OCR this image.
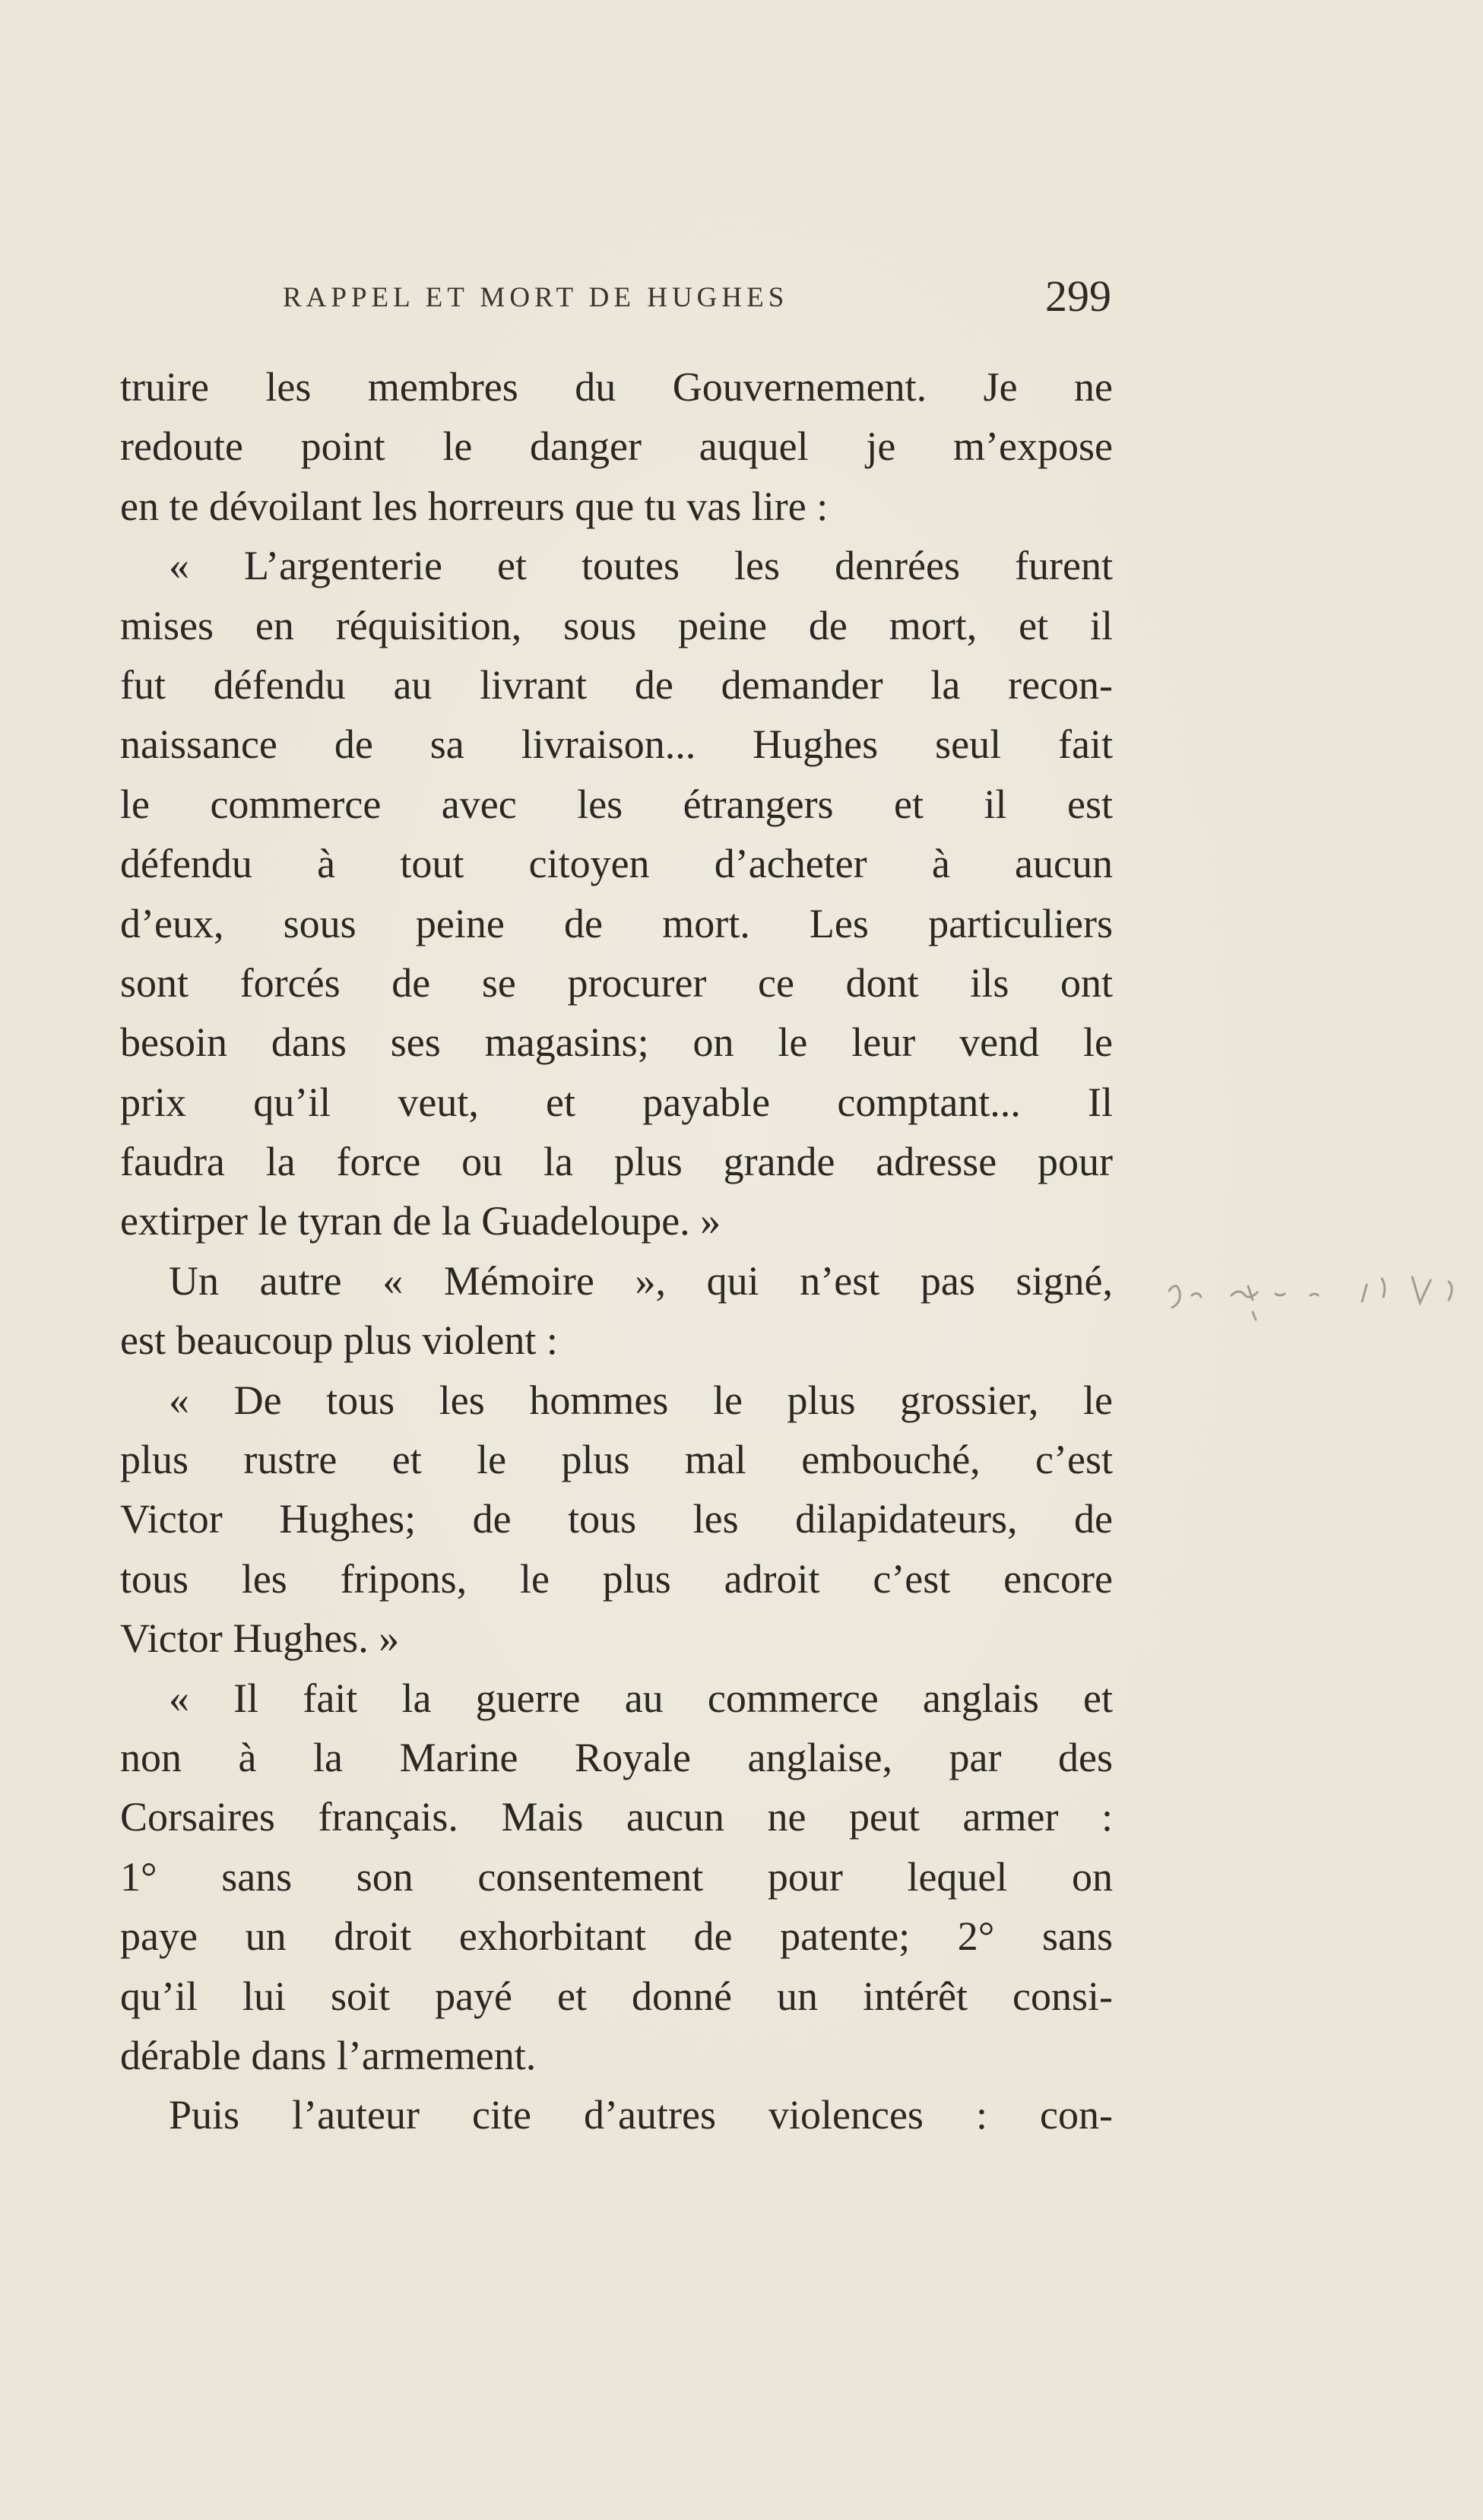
RAPPEL ET MORT DE HUGHES	299
truire les membres du Gouvernement. Je ne
redoute point le danger auquel je m’expose
en te dévoilant les horreurs que tu vas lire :
« L’argenterie et toutes les denrées furent
mises en réquisition, sous peine de mort, et il
fut défendu au livrant de demander la recon-
naissance de sa livraison... Hughes seul fait
le commerce avec les étrangers et il est
défendu à tout citoyen d’acheter à aucun
d’eux, sous peine de mort. Les particuliers
sont forcés de se procurer ce dont ils ont
besoin dans ses magasins; on le leur vend le
prix qu’il veut, et payable comptant... Il
faudra la force ou la plus grande adresse pour
extirper le tyran de la Guadeloupe. »
Un autre « Mémoire », qui n’est pas signé,
est beaucoup plus violent :
« De tous les hommes le plus grossier, le
plus rustre et le plus mal embouché, c’est
Victor Hughes; de tous les dilapidateurs, de
tous les fripons, le plus adroit c’est encore
Victor Hughes. »
« Il fait la guerre au commerce anglais et
non à la Marine Royale anglaise, par des
Corsaires français. Mais aucun ne peut armer :
1° sans son consentement pour lequel on
paye un droit exhorbitant de patente; 2° sans
qu’il lui soit payé et donné un intérêt consi-
dérable dans l’armement.
Puis l’auteur cite d’autres violences : con-
